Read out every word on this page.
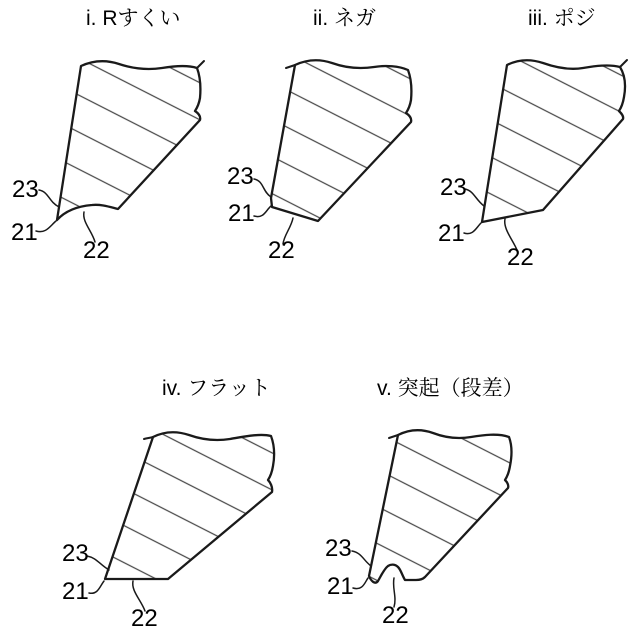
i. Rすくい	ii. ネガ	iii. ポジ
iv. フラット	v. 突起（段差）
23
21
22
23
21
22
23
21
22
23
21
22
23
21
22
